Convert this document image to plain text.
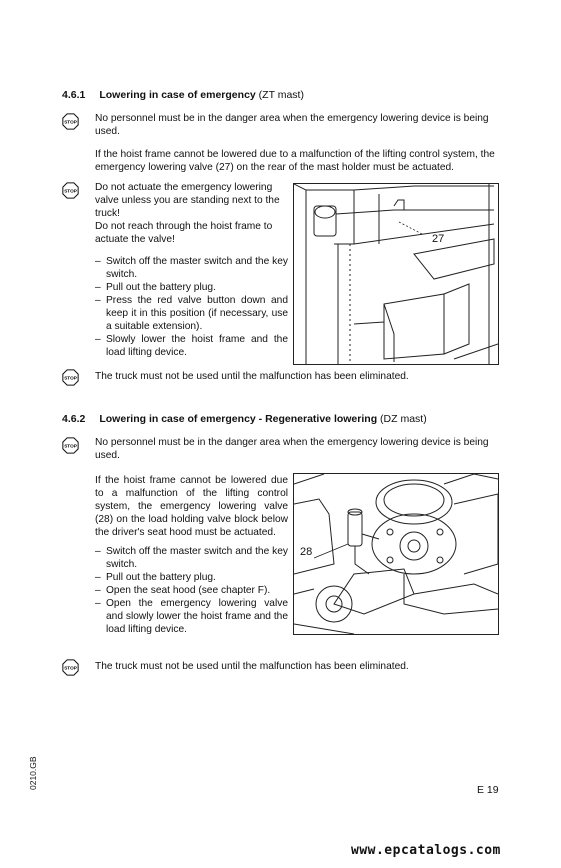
4.6.1 Lowering in case of emergency (ZT mast)
STOP No personnel must be in the danger area when the emergency lowering device is being used.
If the hoist frame cannot be lowered due to a malfunction of the lifting control system, the emergency lowering valve (27) on the rear of the mast holder must be actuated.
STOP Do not actuate the emergency lowering valve unless you are standing next to the truck!

Do not reach through the hoist frame to actuate the valve!

– Switch off the master switch and the key switch.
– Pull out the battery plug.
– Press the red valve button down and keep it in this position (if necessary, use a suitable extension).
– Slowly lower the hoist frame and the load lifting device.
27
STOP The truck must not be used until the malfunction has been eliminated.
4.6.2 Lowering in case of emergency - Regenerative lowering (DZ mast)
STOP No personnel must be in the danger area when the emergency lowering device is being used.
If the hoist frame cannot be lowered due to a malfunction of the lifting control system, the emergency lowering valve (28) on the load holding valve block below the driver's seat hood must be actuated.
– Switch off the master switch and the key switch.
– Pull out the battery plug.
– Open the seat hood (see chapter F).
– Open the emergency lowering valve and slowly lower the hoist frame and the load lifting device.
28
STOP The truck must not be used until the malfunction has been eliminated.
0210.GB	E 19
www.epcatalogs.com
